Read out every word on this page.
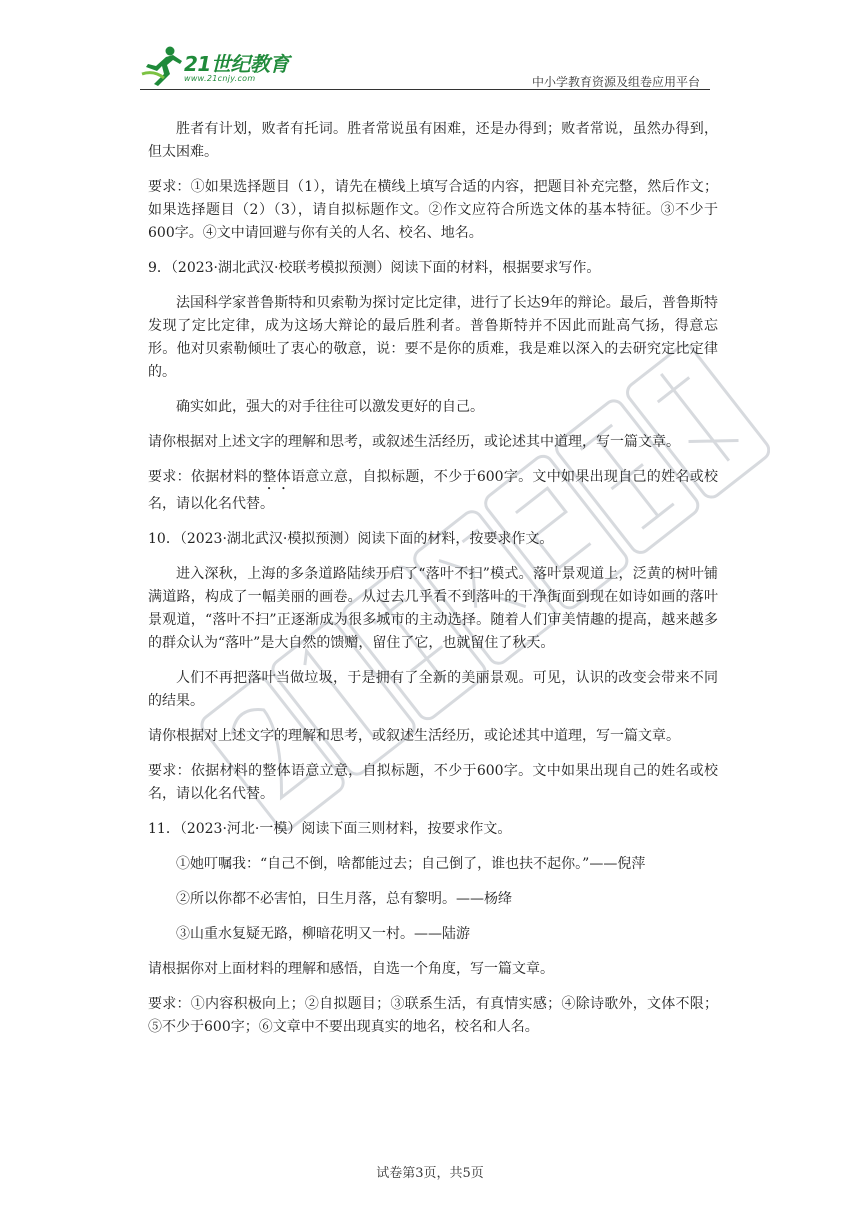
21世纪教育
www.21cnjy.com	中小学教育资源及组卷应用平台

胜者有计划，败者有托词。胜者常说虽有困难，还是办得到；败者常说，虽然办得到，但太困难。

要求：①如果选择题目（1），请先在横线上填写合适的内容，把题目补充完整，然后作文；如果选择题目（2）（3），请自拟标题作文。②作文应符合所选文体的基本特征。③不少于600字。④文中请回避与你有关的人名、校名、地名。

9．（2023·湖北武汉·校联考模拟预测）阅读下面的材料，根据要求写作。

法国科学家普鲁斯特和贝索勒为探讨定比定律，进行了长达9年的辩论。最后，普鲁斯特发现了定比定律，成为这场大辩论的最后胜利者。普鲁斯特并不因此而趾高气扬，得意忘形。他对贝索勒倾吐了衷心的敬意，说：要不是你的质难，我是难以深入的去研究定比定律的。

确实如此，强大的对手往往可以激发更好的自己。

请你根据对上述文字的理解和思考，或叙述生活经历，或论述其中道理，写一篇文章。

要求：依据材料的整体语意立意，自拟标题，不少于600字。文中如果出现自己的姓名或校名，请以化名代替。

10．（2023·湖北武汉·模拟预测）阅读下面的材料，按要求作文。

进入深秋，上海的多条道路陆续开启了“落叶不扫”模式。落叶景观道上，泛黄的树叶铺满道路，构成了一幅美丽的画卷。从过去几乎看不到落叶的干净街面到现在如诗如画的落叶景观道，“落叶不扫”正逐渐成为很多城市的主动选择。随着人们审美情趣的提高，越来越多的群众认为“落叶”是大自然的馈赠，留住了它，也就留住了秋天。

人们不再把落叶当做垃圾，于是拥有了全新的美丽景观。可见，认识的改变会带来不同的结果。

请你根据对上述文字的理解和思考，或叙述生活经历，或论述其中道理，写一篇文章。

要求：依据材料的整体语意立意，自拟标题，不少于600字。文中如果出现自己的姓名或校名，请以化名代替。

11．（2023·河北·一模）阅读下面三则材料，按要求作文。

①她叮嘱我：“自己不倒，啥都能过去；自己倒了，谁也扶不起你。”——倪萍

②所以你都不必害怕，日生月落，总有黎明。——杨绛

③山重水复疑无路，柳暗花明又一村。——陆游

请根据你对上面材料的理解和感悟，自选一个角度，写一篇文章。

要求：①内容积极向上；②自拟题目；③联系生活，有真情实感；④除诗歌外，文体不限；⑤不少于600字；⑥文章中不要出现真实的地名，校名和人名。

试卷第3页，共5页
